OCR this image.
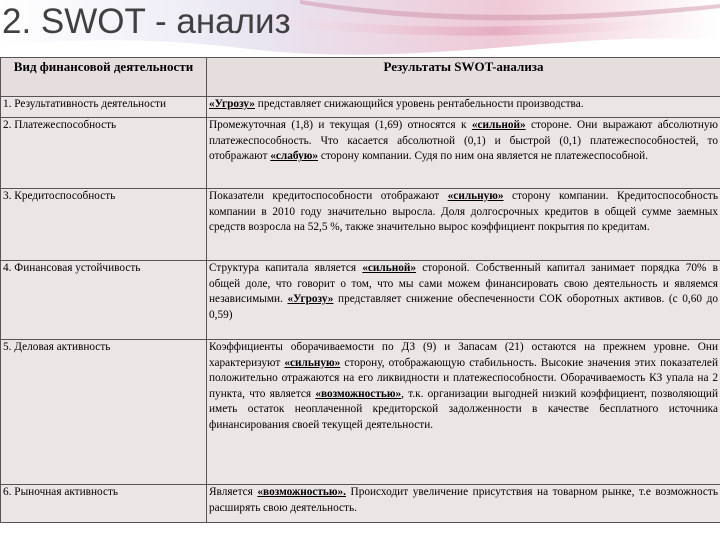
2. SWOT - анализ
Вид финансовой деятельности	Результаты SWOT-анализа
1. Результативность деятельности	«Угрозу» представляет снижающийся уровень рентабельности производства.
2. Платежеспособность	Промежуточная (1,8) и текущая (1,69) относятся к «сильной» стороне. Они выражают абсолютную платежеспособность. Что касается абсолютной (0,1) и быстрой (0,1) платежеспособностей, то отображают «слабую» сторону компании. Судя по ним она является не платежеспособной.
3. Кредитоспособность	Показатели кредитоспособности отображают «сильную» сторону компании. Кредитоспособность компании в 2010 году значительно выросла. Доля долгосрочных кредитов в общей сумме заемных средств возросла на 52,5 %, также значительно вырос коэффициент покрытия по кредитам.
4. Финансовая устойчивость	Структура капитала является «сильной» стороной. Собственный капитал занимает порядка 70% в общей доле, что говорит о том, что мы сами можем финансировать свою деятельность и являемся независимыми. «Угрозу» представляет снижение обеспеченности СОК оборотных активов. (с 0,60 до 0,59)
5. Деловая активность	Коэффициенты оборачиваемости по ДЗ (9) и Запасам (21) остаются на прежнем уровне. Они характеризуют «сильную» сторону, отображающую стабильность. Высокие значения этих показателей положительно отражаются на его ликвидности и платежеспособности. Оборачиваемость КЗ упала на 2 пункта, что является «возможностью», т.к. организации выгодней низкий коэффициент, позволяющий иметь остаток неоплаченной кредиторской задолженности в качестве бесплатного источника финансирования своей текущей деятельности.
6. Рыночная активность	Является «возможностью». Происходит увеличение присутствия на товарном рынке, т.е возможность расширять свою деятельность.
